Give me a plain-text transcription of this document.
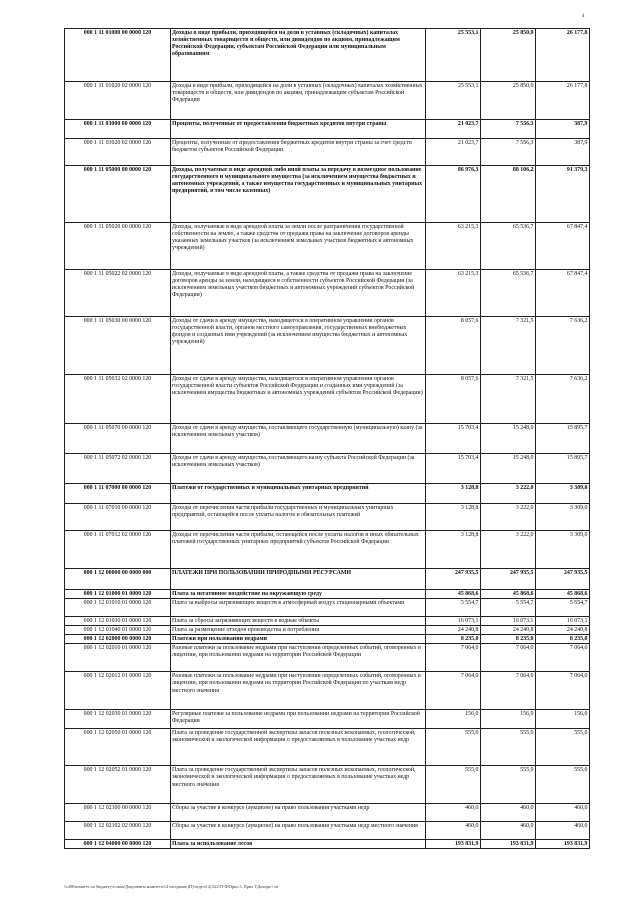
4
000 1 11 01000 00 0000 120	Доходы в виде прибыли, приходящейся на доли в уставных (складочных) капиталах хозяйственных товариществ и обществ, или дивидендов по акциям, принадлежащим Российской Федерации, субъектам Российской Федерации или муниципальным образованиям	25 553,1	25 850,0	26 177,8
000 1 11 01020 02 0000 120	Доходы в виде прибыли, приходящейся на доли в уставных (складочных) капиталах хозяйственных товариществ и обществ, или дивидендов по акциям, принадлежащим субъектам Российской Федерации	25 553,1	25 850,0	26 177,8
000 1 11 03000 00 0000 120	Проценты, полученные от предоставления бюджетных кредитов внутри страны	21 023,7	7 556,3	387,9
000 1 11 03020 02 0000 120	Проценты, полученные от предоставления бюджетных кредитов внутри страны за счет средств бюджетов субъектов Российской Федерации	21 023,7	7 556,3	387,9
000 1 11 05000 00 0000 120	Доходы, получаемые в виде арендной либо иной платы за передачу в возмездное пользование государственного и муниципального имущества (за исключением имущества бюджетных и автономных учреждений, а также имущества государственных и муниципальных унитарных предприятий, в том числе казенных)	86 976,3	88 106,2	91 379,3
000 1 11 05020 00 0000 120	Доходы, получаемые в виде арендной платы за земли после разграничения государственной собственности на землю, а также средства от продажи права на заключение договоров аренды указанных земельных участков (за исключением земельных участков бюджетных и автономных учреждений)	63 215,3	65 536,7	67 847,4
000 1 11 05022 02 0000 120	Доходы, получаемые в виде арендной платы, а также средства от продажи права на заключение договоров аренды за земли, находящиеся в собственности субъектов Российской Федерации (за исключением земельных участков бюджетных и автономных учреждений субъектов Российской Федерации)	63 215,3	65 536,7	67 847,4
000 1 11 05030 00 0000 120	Доходы от сдачи в аренду имущества, находящегося в оперативном управлении органов государственной власти, органов местного самоуправления, государственных внебюджетных фондов и созданных ими учреждений (за исключением имущества бюджетных и автономных учреждений)	8 057,6	7 321,5	7 636,2
000 1 11 05032 02 0000 120	Доходы от сдачи в аренду имущества, находящегося в оперативном управлении органов государственной власти субъектов Российской Федерации и созданных ими учреждений (за исключением имущества бюджетных и автономных учреждений субъектов Российской Федерации)	8 057,6	7 321,5	7 636,2
000 1 11 05070 00 0000 120	Доходы от сдачи в аренду имущества, составляющего государственную (муниципальную) казну (за исключением земельных участков)	15 703,4	15 248,0	15 895,7
000 1 11 05072 02 0000 120	Доходы от сдачи в аренду имущества, составляющего казну субъекта Российской Федерации (за исключением земельных участков)	15 703,4	15 248,0	15 895,7
000 1 11 07000 00 0000 120	Платежи от государственных и муниципальных унитарных предприятий	3 128,8	3 222,0	3 309,0
000 1 11 07010 00 0000 120	Доходы от перечисления части прибыли государственных и муниципальных унитарных предприятий, остающейся после уплаты налогов и обязательных платежей	3 128,8	3 222,0	3 309,0
000 1 11 07012 02 0000 120	Доходы от перечисления части прибыли, остающейся после уплаты налогов и иных обязательных платежей государственных унитарных предприятий субъектов Российской Федерации	3 128,8	3 222,0	3 309,0
000 1 12 00000 00 0000 000	ПЛАТЕЖИ ПРИ ПОЛЬЗОВАНИИ ПРИРОДНЫМИ РЕСУРСАМИ	247 935,5	247 935,5	247 935,5
000 1 12 01000 01 0000 120	Плата за негативное воздействие на окружающую среду	45 868,6	45 868,6	45 868,6
000 1 12 01010 01 0000 120	Плата за выбросы загрязняющих веществ в атмосферный воздух стационарными объектами	5 554,7	5 554,7	5 554,7
000 1 12 01030 01 0000 120	Плата за сбросы загрязняющих веществ в водные объекты	16 073,1	16 073,1	16 073,1
000 1 12 01040 01 0000 120	Плата за размещение отходов производства и потребления	24 240,8	24 240,8	24 240,8
000 1 12 02000 00 0000 120	Платежи при пользовании недрами	8 235,0	8 235,0	8 235,0
000 1 12 02010 01 0000 120	Разовые платежи за пользование недрами при наступлении определенных событий, оговоренных в лицензии, при пользовании недрами на территории Российской Федерации	7 064,0	7 064,0	7 064,0
000 1 12 02012 01 0000 120	Разовые платежи за пользование недрами при наступлении определенных событий, оговоренных в лицензии, при пользовании недрами на территории Российской Федерации по участкам недр местного значения	7 064,0	7 064,0	7 064,0
000 1 12 02030 01 0000 120	Регулярные платежи за пользование недрами при пользовании недрами на территории Российской Федерации	156,0	156,0	156,0
000 1 12 02050 01 0000 120	Плата за проведение государственной экспертизы запасов полезных ископаемых, геологической, экономической и экологической информации о предоставляемых в пользование участках недр	555,0	555,0	555,0
000 1 12 02052 01 0000 120	Плата за проведение государственной экспертизы запасов полезных ископаемых, геологической, экономической и экологической информации о предоставляемых в пользование участках недр местного значения	555,0	555,0	555,0
000 1 12 02100 00 0000 120	Сборы за участие в конкурсе (аукционе) на право пользования участками недр	460,0	460,0	460,0
000 1 12 02102 02 0000 120	Сборы за участие в конкурсе (аукционе) на право пользования участками недр местного значения	460,0	460,0	460,0
000 1 12 04000 00 0000 120	Плата за использование лесов	193 831,9	193 831,9	193 831,9
\\r400\комитет по бюджету\з.озык\Документы комитета\14 заседание (П)\отдел\14) 822-П-Ф\Прил 3. Прил 3\Доходы+.rtf
